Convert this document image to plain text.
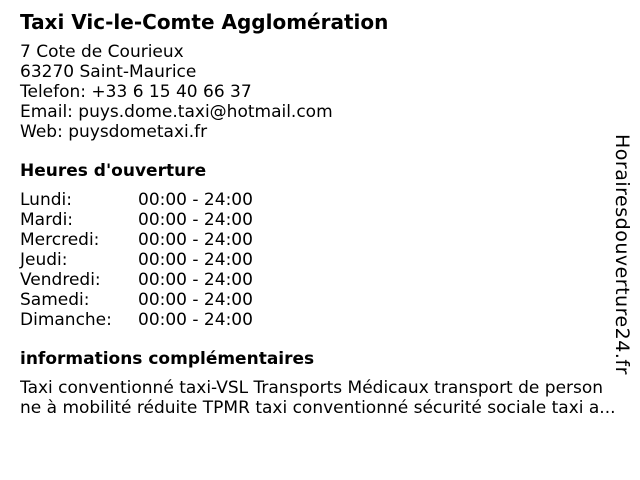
Taxi Vic-le-Comte Agglomération
7 Cote de Courieux
63270 Saint-Maurice
Telefon: +33 6 15 40 66 37
Email: puys.dome.taxi@hotmail.com
Web: puysdometaxi.fr
Heures d'ouverture
Lundi:	00:00 - 24:00
Mardi:	00:00 - 24:00
Mercredi:	00:00 - 24:00
Jeudi:	00:00 - 24:00
Vendredi:	00:00 - 24:00
Samedi:	00:00 - 24:00
Dimanche:	00:00 - 24:00
informations complémentaires
Taxi conventionné taxi-VSL Transports Médicaux transport de person
ne à mobilité réduite TPMR taxi conventionné sécurité sociale taxi a...
Horairesdouverture24.fr
